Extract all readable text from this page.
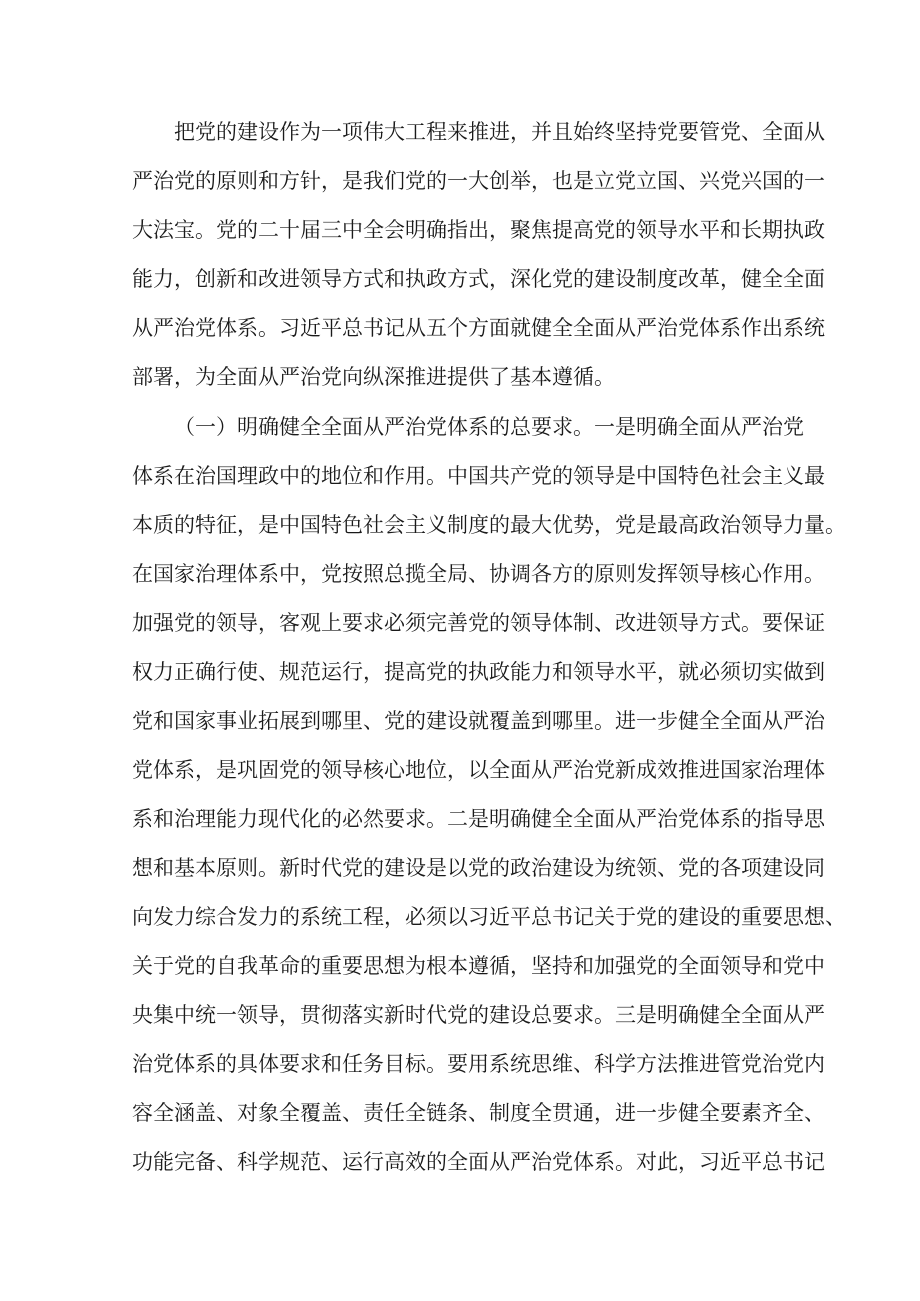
把党的建设作为一项伟大工程来推进，并且始终坚持党要管党、全面从

严治党的原则和方针，是我们党的一大创举，也是立党立国、兴党兴国的一

大法宝。党的二十届三中全会明确指出，聚焦提高党的领导水平和长期执政

能力，创新和改进领导方式和执政方式，深化党的建设制度改革，健全全面

从严治党体系。习近平总书记从五个方面就健全全面从严治党体系作出系统

部署，为全面从严治党向纵深推进提供了基本遵循。

（一）明确健全全面从严治党体系的总要求。一是明确全面从严治党

体系在治国理政中的地位和作用。中国共产党的领导是中国特色社会主义最

本质的特征，是中国特色社会主义制度的最大优势，党是最高政治领导力量。

在国家治理体系中，党按照总揽全局、协调各方的原则发挥领导核心作用。

加强党的领导，客观上要求必须完善党的领导体制、改进领导方式。要保证

权力正确行使、规范运行，提高党的执政能力和领导水平，就必须切实做到

党和国家事业拓展到哪里、党的建设就覆盖到哪里。进一步健全全面从严治

党体系，是巩固党的领导核心地位，以全面从严治党新成效推进国家治理体

系和治理能力现代化的必然要求。二是明确健全全面从严治党体系的指导思

想和基本原则。新时代党的建设是以党的政治建设为统领、党的各项建设同

向发力综合发力的系统工程，必须以习近平总书记关于党的建设的重要思想、

关于党的自我革命的重要思想为根本遵循，坚持和加强党的全面领导和党中

央集中统一领导，贯彻落实新时代党的建设总要求。三是明确健全全面从严

治党体系的具体要求和任务目标。要用系统思维、科学方法推进管党治党内

容全涵盖、对象全覆盖、责任全链条、制度全贯通，进一步健全要素齐全、

功能完备、科学规范、运行高效的全面从严治党体系。对此，习近平总书记
